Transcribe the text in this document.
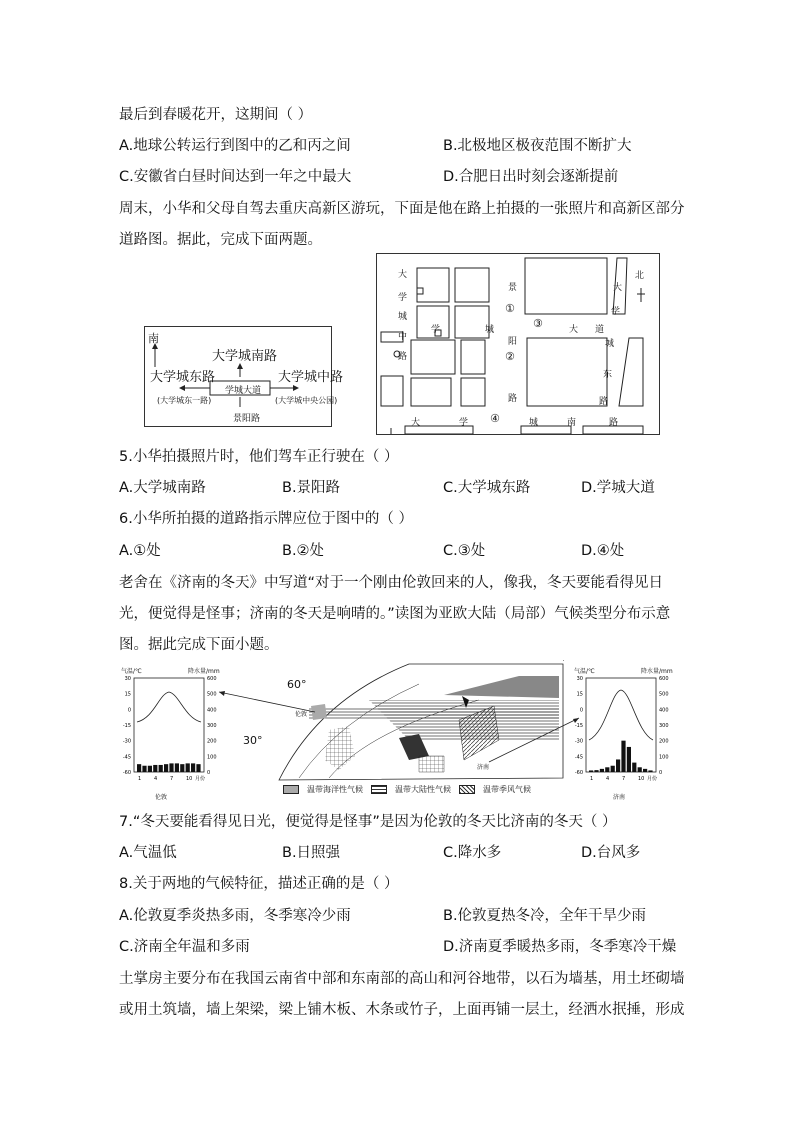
最后到春暖花开，这期间（ ）
A.地球公转运行到图中的乙和丙之间	B.北极地区极夜范围不断扩大
C.安徽省白昼时间达到一年之中最大	D.合肥日出时刻会逐渐提前
周末，小华和父母自驾去重庆高新区游玩，下面是他在路上拍摄的一张照片和高新区部分
道路图。据此，完成下面两题。
南
大学城南路
大学城东路	大学城中路
学城大道
(大学城东一路)	(大学城中央公园)
景阳路
北
大
学
城
中
路
景
阳
路
大
学
城
东
路
学	城	大 道
大	学	城	南	路
①
②
③
④
5.小华拍摄照片时，他们驾车正行驶在（ ）
A.大学城南路	B.景阳路	C.大学城东路	D.学城大道
6.小华所拍摄的道路指示牌应位于图中的（ ）
A.①处	B.②处	C.③处	D.④处
老舍在《济南的冬天》中写道“对于一个刚由伦敦回来的人，像我，冬天要能看得见日
光，便觉得是怪事；济南的冬天是响晴的。”读图为亚欧大陆（局部）气候类型分布示意
图。据此完成下面小题。
气温/℃	降水量/mm
30
15
0
-15
-30
-45
-60
600
500
400
300
200
100
0
1	4	7	10 月份
伦敦
60°
30°
伦敦
济南
温带海洋性气候	温带大陆性气候	温带季风气候
气温/℃	降水量/mm
30
15
0
-15
-30
-45
-60
600
500
400
300
200
100
0
1	4	7	10 月份
济南
7.“冬天要能看得见日光，便觉得是怪事”是因为伦敦的冬天比济南的冬天（ ）
A.气温低	B.日照强	C.降水多	D.台风多
8.关于两地的气候特征，描述正确的是（ ）
A.伦敦夏季炎热多雨，冬季寒冷少雨	B.伦敦夏热冬冷，全年干旱少雨
C.济南全年温和多雨	D.济南夏季暖热多雨，冬季寒冷干燥
土掌房主要分布在我国云南省中部和东南部的高山和河谷地带，以石为墙基，用土坯砌墙
或用土筑墙，墙上架梁，梁上铺木板、木条或竹子，上面再铺一层土，经洒水抿捶，形成
